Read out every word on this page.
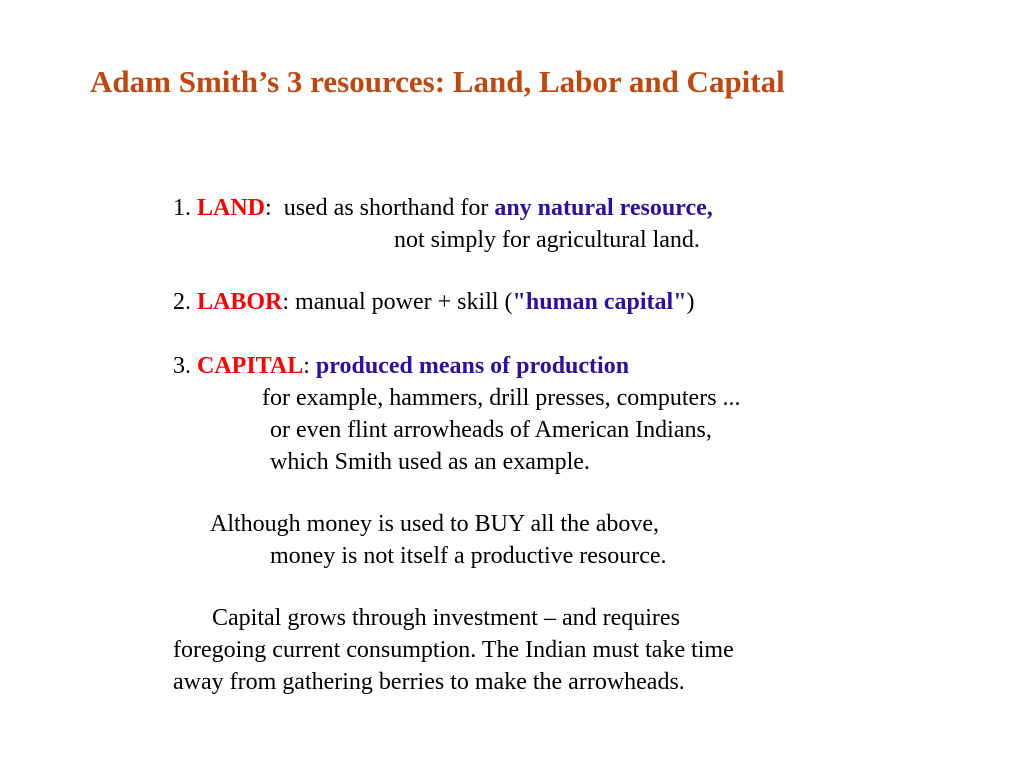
Adam Smith’s 3 resources: Land, Labor and Capital

1. LAND:  used as shorthand for any natural resource,

not simply for agricultural land.

2. LABOR: manual power + skill ("human capital")

3. CAPITAL: produced means of production

for example, hammers, drill presses, computers ...

or even flint arrowheads of American Indians,

which Smith used as an example.

Although money is used to BUY all the above,

money is not itself a productive resource.

Capital grows through investment – and requires

foregoing current consumption. The Indian must take time

away from gathering berries to make the arrowheads.
